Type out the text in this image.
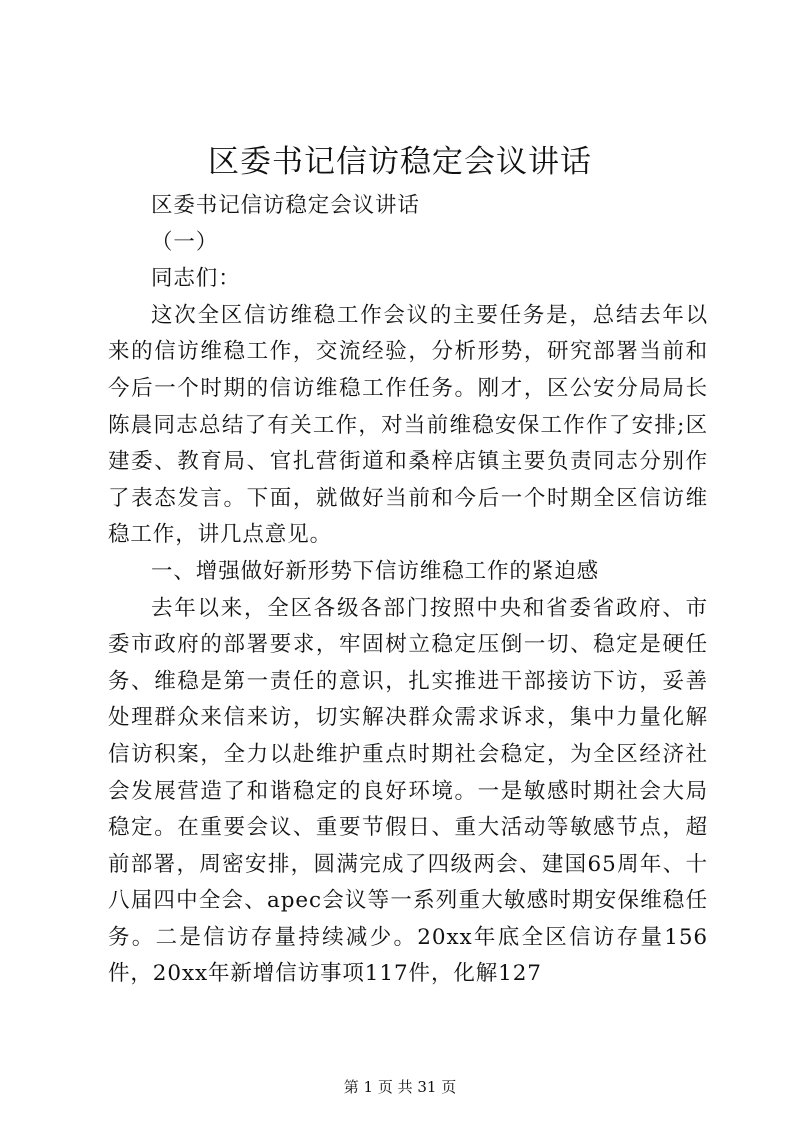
区委书记信访稳定会议讲话

区委书记信访稳定会议讲话

（一）

同志们：

这次全区信访维稳工作会议的主要任务是，总结去年以来的信访维稳工作，交流经验，分析形势，研究部署当前和今后一个时期的信访维稳工作任务。刚才，区公安分局局长陈晨同志总结了有关工作，对当前维稳安保工作作了安排;区建委、教育局、官扎营街道和桑梓店镇主要负责同志分别作了表态发言。下面，就做好当前和今后一个时期全区信访维稳工作，讲几点意见。

一、增强做好新形势下信访维稳工作的紧迫感

去年以来，全区各级各部门按照中央和省委省政府、市委市政府的部署要求，牢固树立稳定压倒一切、稳定是硬任务、维稳是第一责任的意识，扎实推进干部接访下访，妥善处理群众来信来访，切实解决群众需求诉求，集中力量化解信访积案，全力以赴维护重点时期社会稳定，为全区经济社会发展营造了和谐稳定的良好环境。一是敏感时期社会大局稳定。在重要会议、重要节假日、重大活动等敏感节点，超前部署，周密安排，圆满完成了四级两会、建国65周年、十八届四中全会、apec会议等一系列重大敏感时期安保维稳任务。二是信访存量持续减少。20xx年底全区信访存量156件，20xx年新增信访事项117件，化解127

第 1 页 共 31 页
